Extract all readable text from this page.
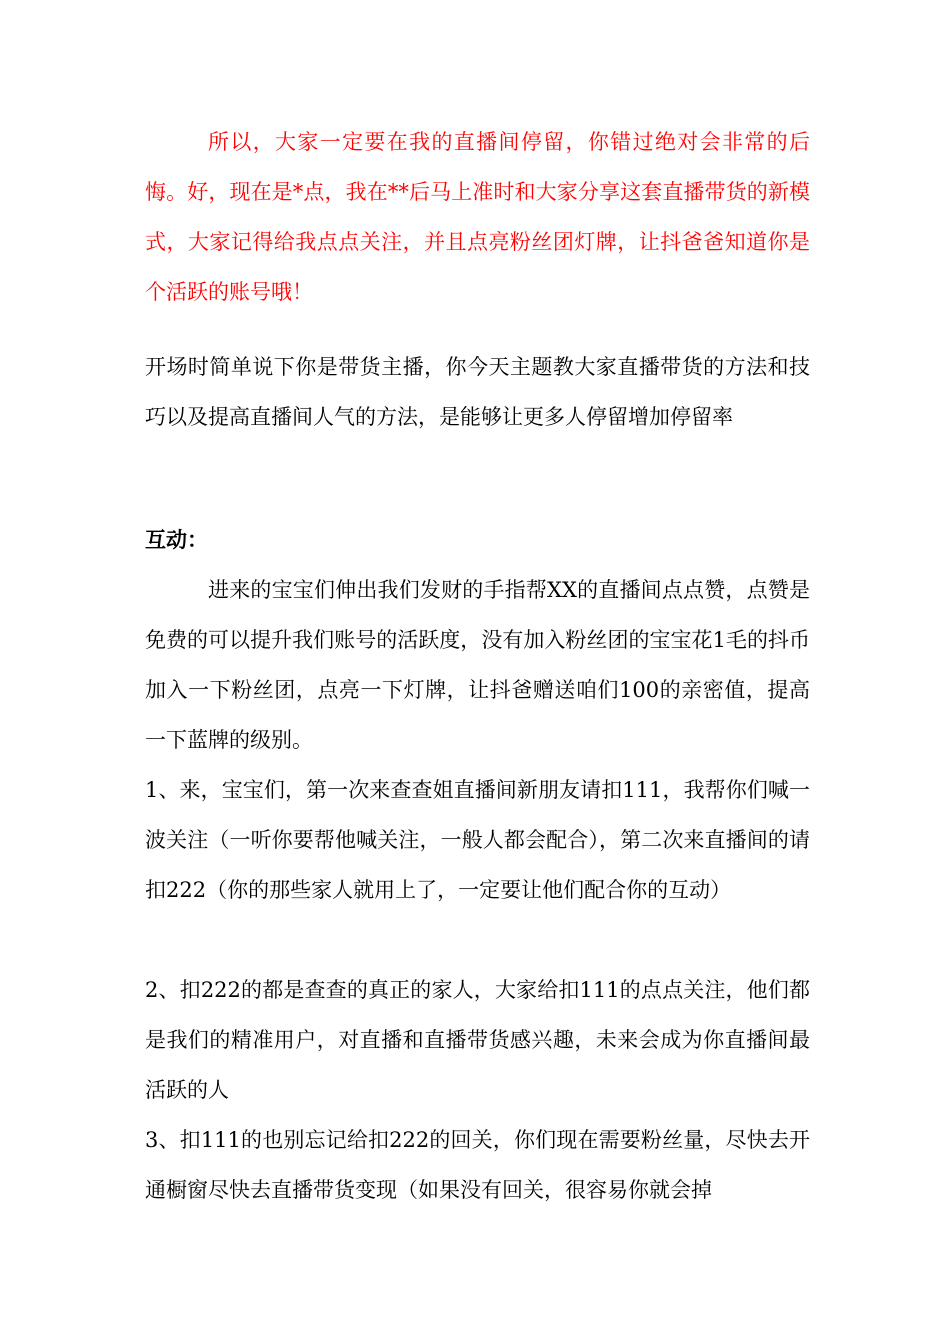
所以，大家一定要在我的直播间停留，你错过绝对会非常的后悔。好，现在是*点，我在**后马上准时和大家分享这套直播带货的新模式，大家记得给我点点关注，并且点亮粉丝团灯牌，让抖爸爸知道你是个活跃的账号哦！

开场时简单说下你是带货主播，你今天主题教大家直播带货的方法和技巧以及提高直播间人气的方法，是能够让更多人停留增加停留率

互动：

进来的宝宝们伸出我们发财的手指帮XX的直播间点点赞，点赞是免费的可以提升我们账号的活跃度，没有加入粉丝团的宝宝花1毛的抖币加入一下粉丝团，点亮一下灯牌，让抖爸赠送咱们100的亲密值，提高一下蓝牌的级别。

1、来，宝宝们，第一次来查查姐直播间新朋友请扣111，我帮你们喊一波关注（一听你要帮他喊关注，一般人都会配合），第二次来直播间的请扣222（你的那些家人就用上了，一定要让他们配合你的互动）

2、扣222的都是查查的真正的家人，大家给扣111的点点关注，他们都是我们的精准用户，对直播和直播带货感兴趣，未来会成为你直播间最活跃的人

3、扣111的也别忘记给扣222的回关，你们现在需要粉丝量，尽快去开通橱窗尽快去直播带货变现（如果没有回关，很容易你就会掉
